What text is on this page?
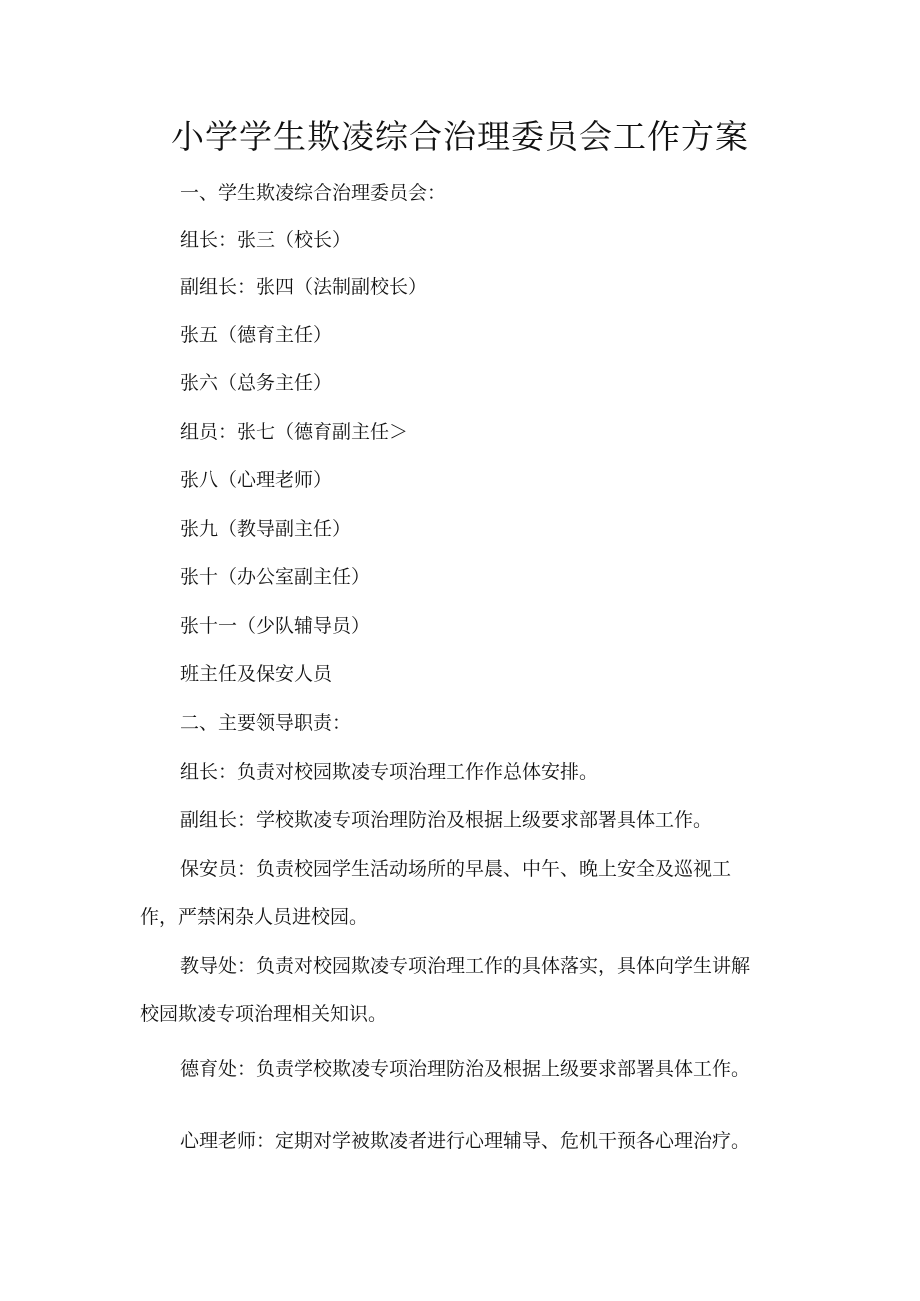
小学学生欺凌综合治理委员会工作方案

一、学生欺凌综合治理委员会：

组长：张三（校长）

副组长：张四（法制副校长）

张五（德育主任）

张六（总务主任）

组员：张七（德育副主任＞

张八（心理老师）

张九（教导副主任）

张十（办公室副主任）

张十一（少队辅导员）

班主任及保安人员

二、主要领导职责：

组长：负责对校园欺凌专项治理工作作总体安排。

副组长：学校欺凌专项治理防治及根据上级要求部署具体工作。

保安员：负责校园学生活动场所的早晨、中午、晚上安全及巡视工

作，严禁闲杂人员进校园。

教导处：负责对校园欺凌专项治理工作的具体落实，具体向学生讲解

校园欺凌专项治理相关知识。

德育处：负责学校欺凌专项治理防治及根据上级要求部署具体工作。

心理老师：定期对学被欺凌者进行心理辅导、危机干预各心理治疗。
